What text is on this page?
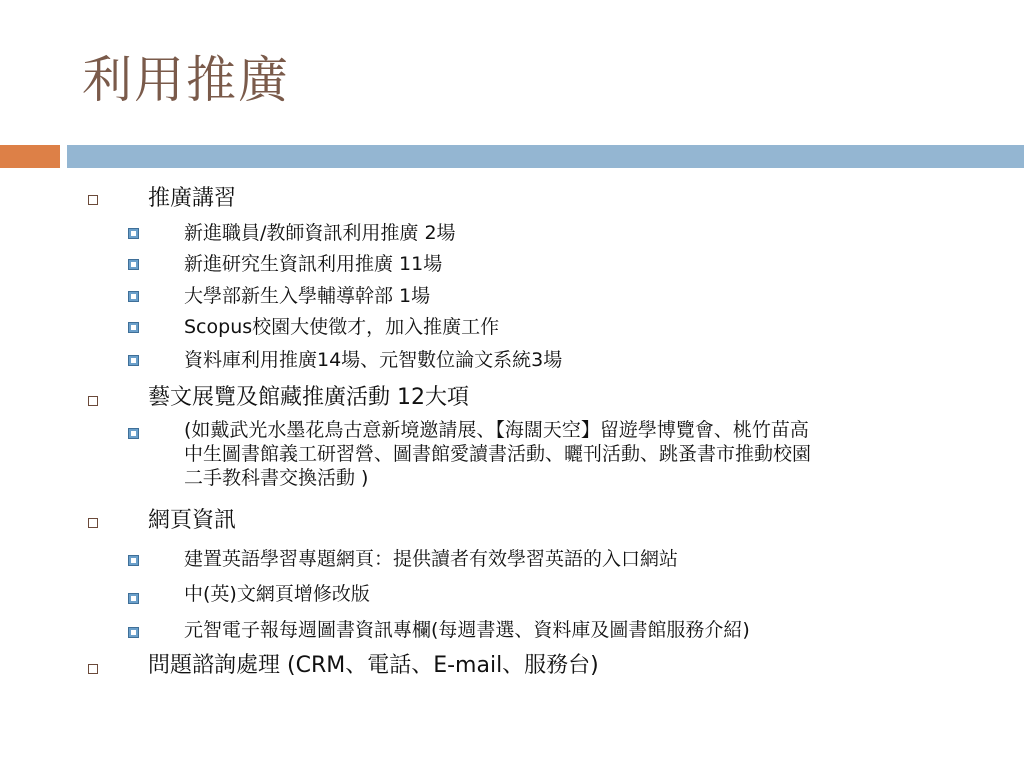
利用推廣
推廣講習
新進職員/教師資訊利用推廣 2場
新進研究生資訊利用推廣 11場
大學部新生入學輔導幹部 1場
Scopus校園大使徵才，加入推廣工作
資料庫利用推廣14場、元智數位論文系統3場
藝文展覽及館藏推廣活動 12大項
(如戴武光水墨花鳥古意新境邀請展、【海闊天空】留遊學博覽會、桃竹苗高
中生圖書館義工研習營、圖書館愛讀書活動、曬刊活動、跳蚤書市推動校園
二手教科書交換活動 )
網頁資訊
建置英語學習專題網頁：提供讀者有效學習英語的入口網站
中(英)文網頁增修改版
元智電子報每週圖書資訊專欄(每週書選、資料庫及圖書館服務介紹)
問題諮詢處理 (CRM、電話、E-mail、服務台)
